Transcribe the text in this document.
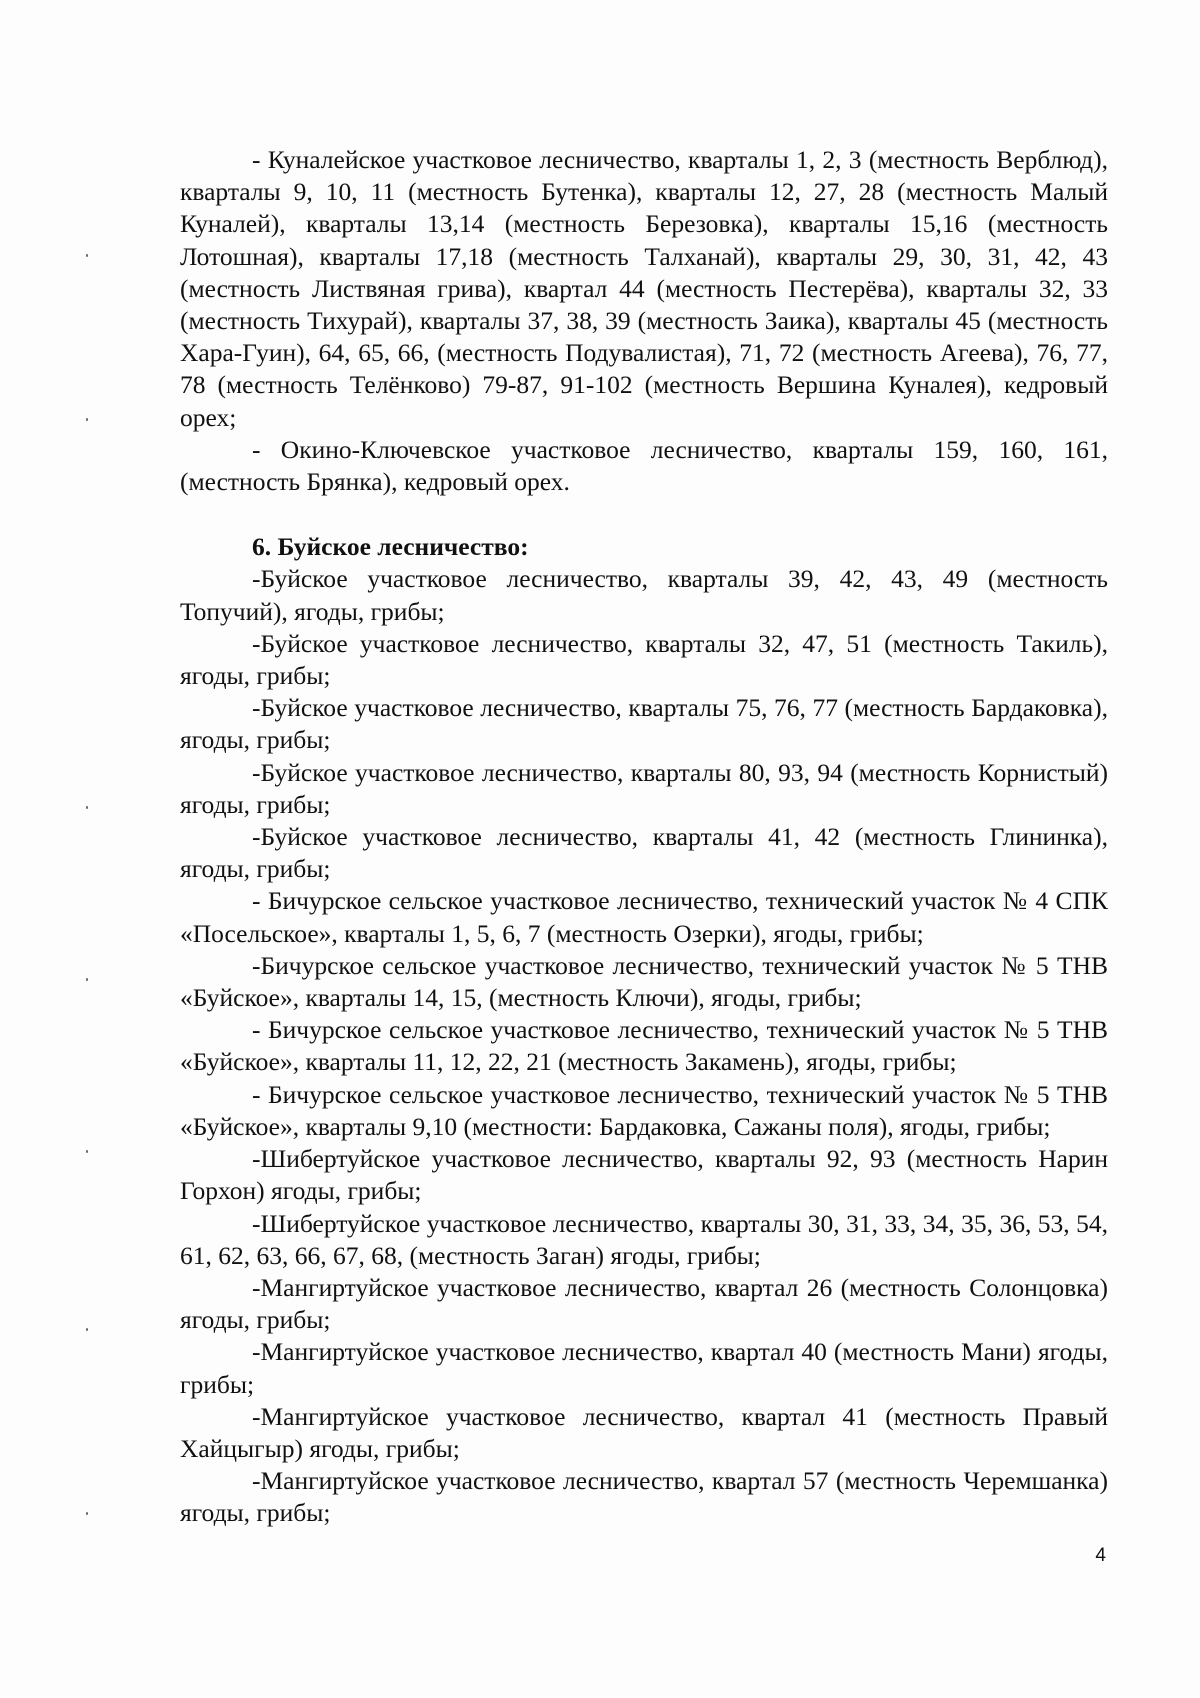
- Куналейское участковое лесничество, кварталы 1, 2, 3 (местность Верблюд), кварталы 9, 10, 11 (местность Бутенка), кварталы 12, 27, 28 (местность Малый Куналей), кварталы 13,14 (местность Березовка), кварталы 15,16 (местность Лотошная), кварталы 17,18 (местность Талханай), кварталы 29, 30, 31, 42, 43 (местность Листвяная грива), квартал 44 (местность Пестерёва), кварталы 32, 33 (местность Тихурай), кварталы 37, 38, 39 (местность Заика), кварталы 45 (местность Хара-Гуин), 64, 65, 66, (местность Подувалистая), 71, 72 (местность Агеева), 76, 77, 78 (местность Телёнково) 79-87, 91-102 (местность Вершина Куналея), кедровый орех;

- Окино-Ключевское участковое лесничество, кварталы 159, 160, 161, (местность Брянка), кедровый орех.

6. Буйское лесничество:

-Буйское участковое лесничество, кварталы 39, 42, 43, 49 (местность Топучий), ягоды, грибы;

-Буйское участковое лесничество, кварталы 32, 47, 51 (местность Такиль), ягоды, грибы;

-Буйское участковое лесничество, кварталы 75, 76, 77 (местность Бардаковка), ягоды, грибы;

-Буйское участковое лесничество, кварталы 80, 93, 94 (местность Корнистый) ягоды, грибы;

-Буйское участковое лесничество, кварталы 41, 42 (местность Глининка), ягоды, грибы;

- Бичурское сельское участковое лесничество, технический участок № 4 СПК «Посельское», кварталы 1, 5, 6, 7 (местность Озерки), ягоды, грибы;

-Бичурское сельское участковое лесничество, технический участок № 5 ТНВ «Буйское», кварталы 14, 15, (местность Ключи), ягоды, грибы;

- Бичурское сельское участковое лесничество, технический участок № 5 ТНВ «Буйское», кварталы 11, 12, 22, 21 (местность Закамень), ягоды, грибы;

- Бичурское сельское участковое лесничество, технический участок № 5 ТНВ «Буйское», кварталы 9,10 (местности: Бардаковка, Сажаны поля), ягоды, грибы;

-Шибертуйское участковое лесничество, кварталы 92, 93 (местность Нарин Горхон) ягоды, грибы;

-Шибертуйское участковое лесничество, кварталы 30, 31, 33, 34, 35, 36, 53, 54, 61, 62, 63, 66, 67, 68, (местность Заган) ягоды, грибы;

-Мангиртуйское участковое лесничество, квартал 26 (местность Солонцовка) ягоды, грибы;

-Мангиртуйское участковое лесничество, квартал 40 (местность Мани) ягоды, грибы;

-Мангиртуйское участковое лесничество, квартал 41 (местность Правый Хайцыгыр) ягоды, грибы;

-Мангиртуйское участковое лесничество, квартал 57 (местность Черемшанка) ягоды, грибы;

4
